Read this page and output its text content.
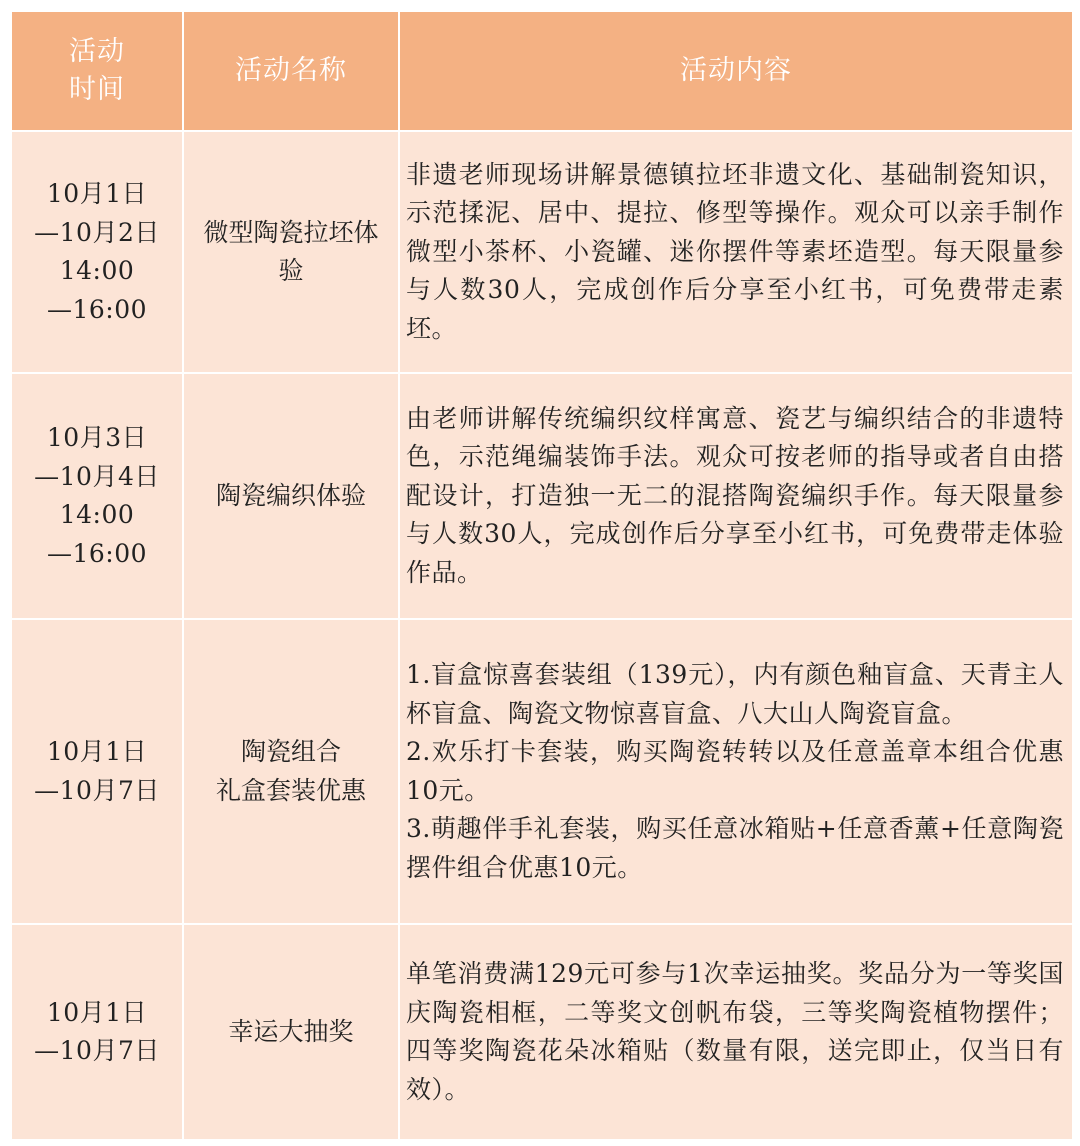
活动
时间	活动名称	活动内容

10月1日
—10月2日
14:00
—16:00	微型陶瓷拉坯体
验	非遗老师现场讲解景德镇拉坯非遗文化、基础制瓷知识，示范揉泥、居中、提拉、修型等操作。观众可以亲手制作微型小茶杯、小瓷罐、迷你摆件等素坯造型。每天限量参与人数30人，完成创作后分享至小红书，可免费带走素坯。

10月3日
—10月4日
14:00
—16:00	陶瓷编织体验	由老师讲解传统编织纹样寓意、瓷艺与编织结合的非遗特色，示范绳编装饰手法。观众可按老师的指导或者自由搭配设计，打造独一无二的混搭陶瓷编织手作。每天限量参与人数30人，完成创作后分享至小红书，可免费带走体验作品。

10月1日
—10月7日	陶瓷组合
礼盒套装优惠	1.盲盒惊喜套装组（139元），内有颜色釉盲盒、天青主人杯盲盒、陶瓷文物惊喜盲盒、八大山人陶瓷盲盒。
2.欢乐打卡套装，购买陶瓷转转以及任意盖章本组合优惠10元。
3.萌趣伴手礼套装，购买任意冰箱贴+任意香薰+任意陶瓷摆件组合优惠10元。

10月1日
—10月7日	幸运大抽奖	单笔消费满129元可参与1次幸运抽奖。奖品分为一等奖国庆陶瓷相框，二等奖文创帆布袋，三等奖陶瓷植物摆件；四等奖陶瓷花朵冰箱贴（数量有限，送完即止，仅当日有效）。
